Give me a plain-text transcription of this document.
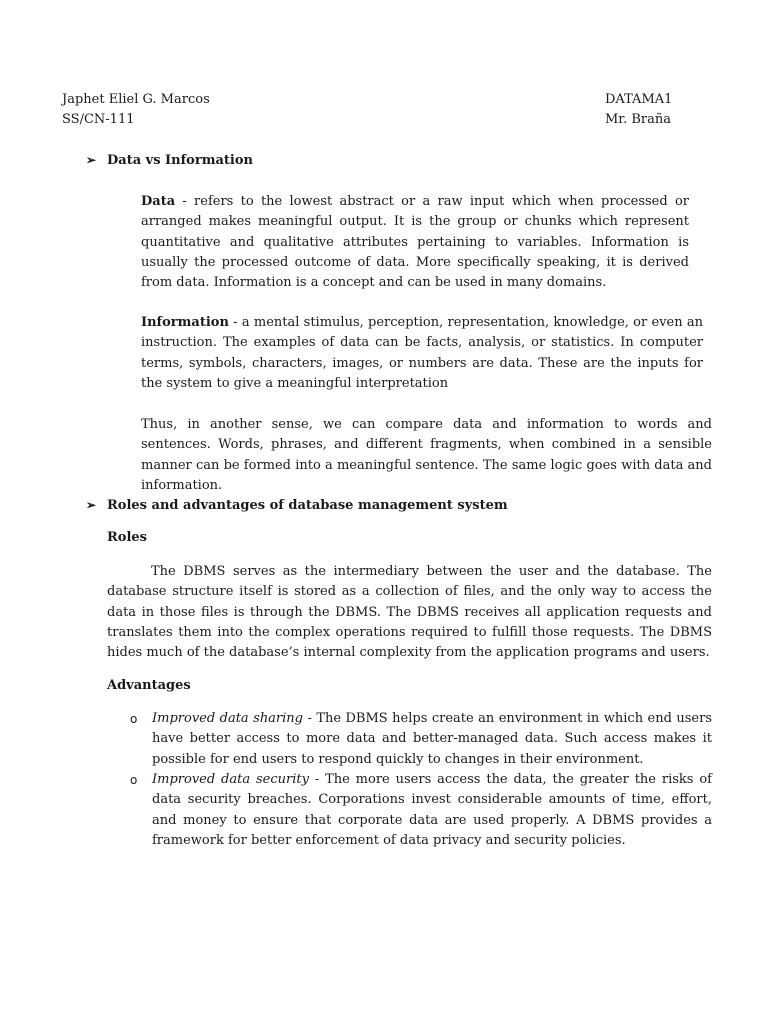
Japhet Eliel G. Marcos
SS/CN-111
DATAMA1
Mr. Braña
➢ Data vs Information
Data - refers to the lowest abstract or a raw input which when processed or arranged makes meaningful output. It is the group or chunks which represent quantitative and qualitative attributes pertaining to variables. Information is usually the processed outcome of data. More specifically speaking, it is derived from data. Information is a concept and can be used in many domains.
Information - a mental stimulus, perception, representation, knowledge, or even an instruction. The examples of data can be facts, analysis, or statistics. In computer terms, symbols, characters, images, or numbers are data. These are the inputs for the system to give a meaningful interpretation
Thus, in another sense, we can compare data and information to words and sentences. Words, phrases, and different fragments, when combined in a sensible manner can be formed into a meaningful sentence. The same logic goes with data and information.
➢ Roles and advantages of database management system
Roles
The DBMS serves as the intermediary between the user and the database. The database structure itself is stored as a collection of files, and the only way to access the data in those files is through the DBMS. The DBMS receives all application requests and translates them into the complex operations required to fulfill those requests. The DBMS hides much of the database’s internal complexity from the application programs and users.
Advantages
o Improved data sharing - The DBMS helps create an environment in which end users have better access to more data and better-managed data. Such access makes it possible for end users to respond quickly to changes in their environment.
o Improved data security - The more users access the data, the greater the risks of data security breaches. Corporations invest considerable amounts of time, effort, and money to ensure that corporate data are used properly. A DBMS provides a framework for better enforcement of data privacy and security policies.
